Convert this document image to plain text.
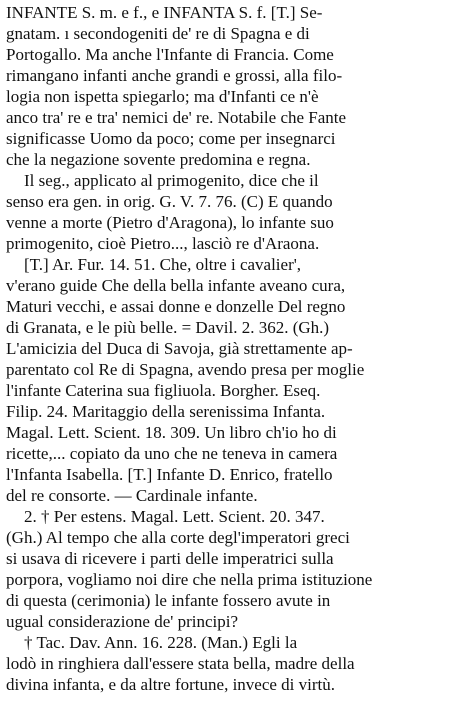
INFANTE S. m. e f., e INFANTA S. f. [T.] Se-
gnatam. ı secondogeniti de' re di Spagna e di
Portogallo. Ma anche l'Infante di Francia. Come
rimangano infanti anche grandi e grossi, alla filo-
logia non ispetta spiegarlo; ma d'Infanti ce n'è
anco tra' re e tra' nemici de' re. Notabile che Fante
significasse Uomo da poco; come per insegnarci
che la negazione sovente predomina e regna.
Il seg., applicato al primogenito, dice che il
senso era gen. in orig. G. V. 7. 76. (C) E quando
venne a morte (Pietro d'Aragona), lo infante suo
primogenito, cioè Pietro..., lasciò re d'Araona.
[T.] Ar. Fur. 14. 51. Che, oltre i cavalier',
v'erano guide Che della bella infante aveano cura,
Maturi vecchi, e assai donne e donzelle Del regno
di Granata, e le più belle. = Davil. 2. 362. (Gh.)
L'amicizia del Duca di Savoja, già strettamente ap-
parentato col Re di Spagna, avendo presa per moglie
l'infante Caterina sua figliuola. Borgher. Eseq.
Filip. 24. Maritaggio della serenissima Infanta.
Magal. Lett. Scient. 18. 309. Un libro ch'io ho di
ricette,... copiato da uno che ne teneva in camera
l'Infanta Isabella. [T.] Infante D. Enrico, fratello
del re consorte. — Cardinale infante.
2. † Per estens. Magal. Lett. Scient. 20. 347.
(Gh.) Al tempo che alla corte degl'imperatori greci
si usava di ricevere i parti delle imperatrici sulla
porpora, vogliamo noi dire che nella prima istituzione
di questa (cerimonia) le infante fossero avute in
ugual considerazione de' principi?
† Tac. Dav. Ann. 16. 228. (Man.) Egli la
lodò in ringhiera dall'essere stata bella, madre della
divina infanta, e da altre fortune, invece di virtù.
